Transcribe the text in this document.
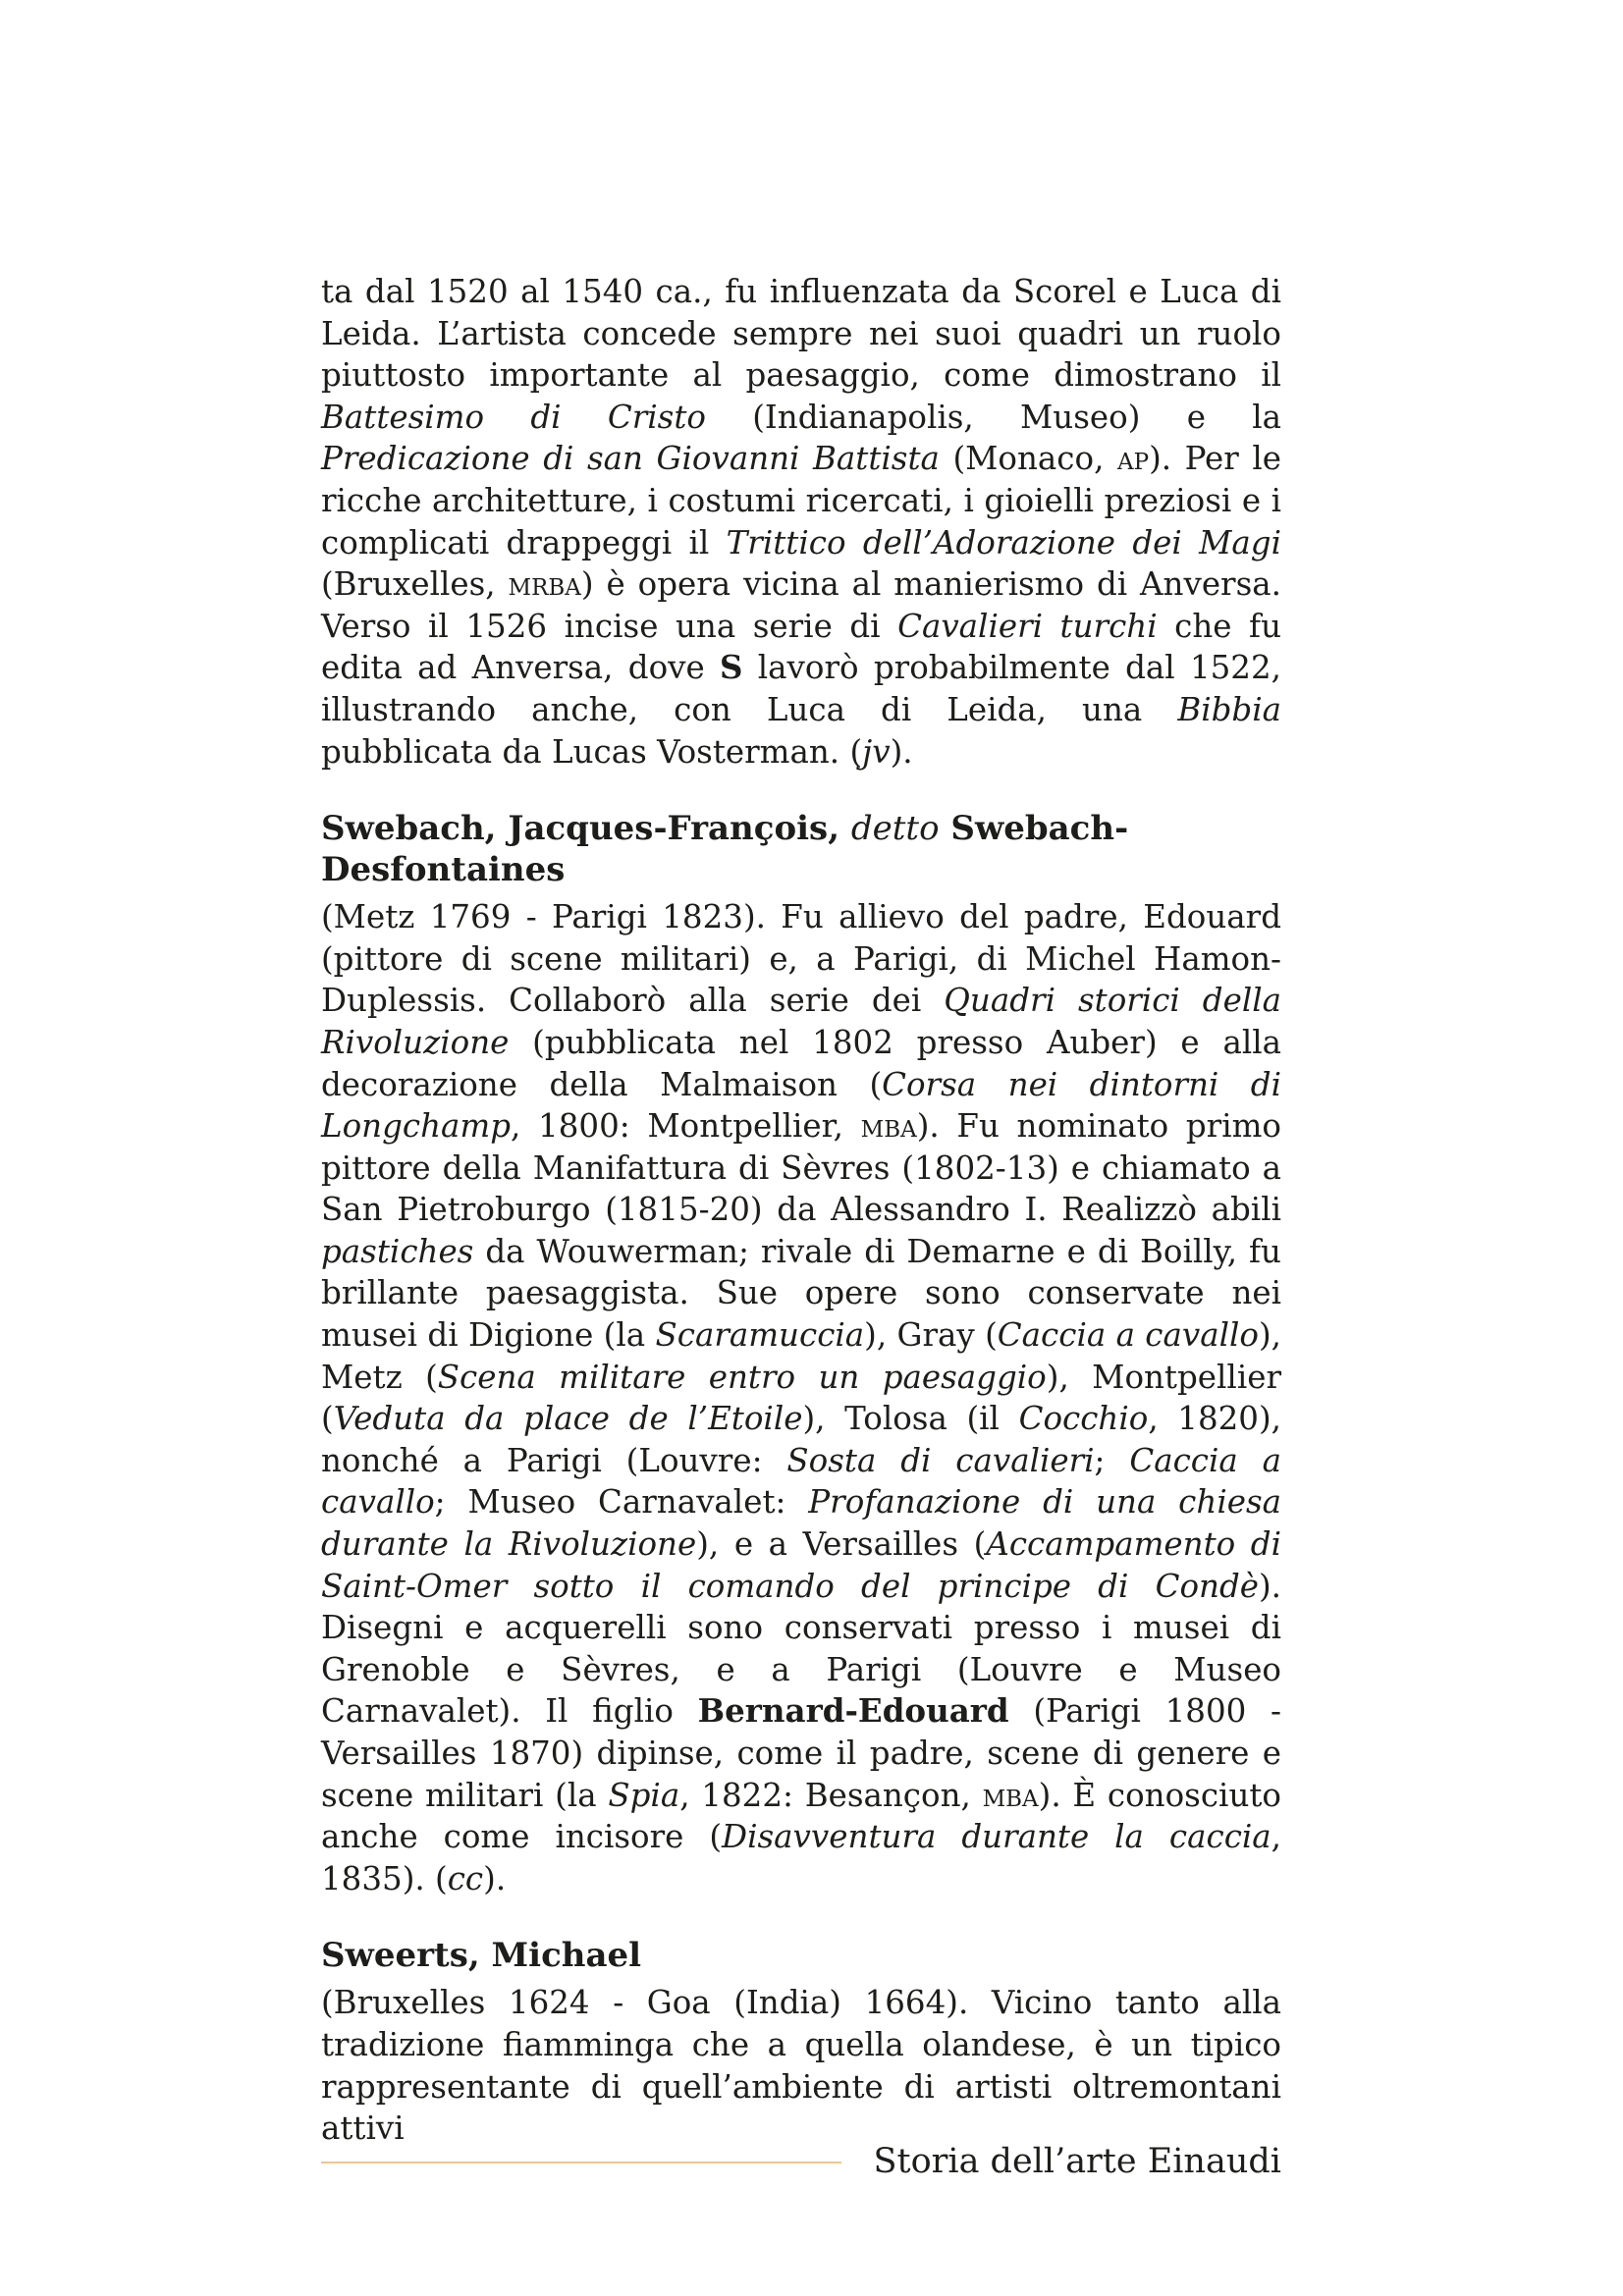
ta dal 1520 al 1540 ca., fu influenzata da Scorel e Luca di Leida. L’artista concede sempre nei suoi quadri un ruolo piuttosto importante al paesaggio, come dimostrano il Battesimo di Cristo (Indianapolis, Museo) e la Predicazione di san Giovanni Battista (Monaco, ap). Per le ricche architetture, i costumi ricercati, i gioielli preziosi e i complicati drappeggi il Trittico dell’Adorazione dei Magi (Bruxelles, mrba) è opera vicina al manierismo di Anversa. Verso il 1526 incise una serie di Cavalieri turchi che fu edita ad Anversa, dove S lavorò probabilmente dal 1522, illustrando anche, con Luca di Leida, una Bibbia pubblicata da Lucas Vosterman. (jv).

Swebach, Jacques-François, detto Swebach-Desfontaines

(Metz 1769 - Parigi 1823). Fu allievo del padre, Edouard (pittore di scene militari) e, a Parigi, di Michel Hamon-Duplessis. Collaborò alla serie dei Quadri storici della Rivoluzione (pubblicata nel 1802 presso Auber) e alla decorazione della Malmaison (Corsa nei dintorni di Longchamp, 1800: Montpellier, mba). Fu nominato primo pittore della Manifattura di Sèvres (1802-13) e chiamato a San Pietroburgo (1815-20) da Alessandro I. Realizzò abili pastiches da Wouwerman; rivale di Demarne e di Boilly, fu brillante paesaggista. Sue opere sono conservate nei musei di Digione (la Scaramuccia), Gray (Caccia a cavallo), Metz (Scena militare entro un paesaggio), Montpellier (Veduta da place de l’Etoile), Tolosa (il Cocchio, 1820), nonché a Parigi (Louvre: Sosta di cavalieri; Caccia a cavallo; Museo Carnavalet: Profanazione di una chiesa durante la Rivoluzione), e a Versailles (Accampamento di Saint-Omer sotto il comando del principe di Condè). Disegni e acquerelli sono conservati presso i musei di Grenoble e Sèvres, e a Parigi (Louvre e Museo Carnavalet). Il figlio Bernard-Edouard (Parigi 1800 - Versailles 1870) dipinse, come il padre, scene di genere e scene militari (la Spia, 1822: Besançon, mba). È conosciuto anche come incisore (Disavventura durante la caccia, 1835). (cc).

Sweerts, Michael

(Bruxelles 1624 - Goa (India) 1664). Vicino tanto alla tradizione fiamminga che a quella olandese, è un tipico rappresentante di quell’ambiente di artisti oltremontani attivi

Storia dell’arte Einaudi
